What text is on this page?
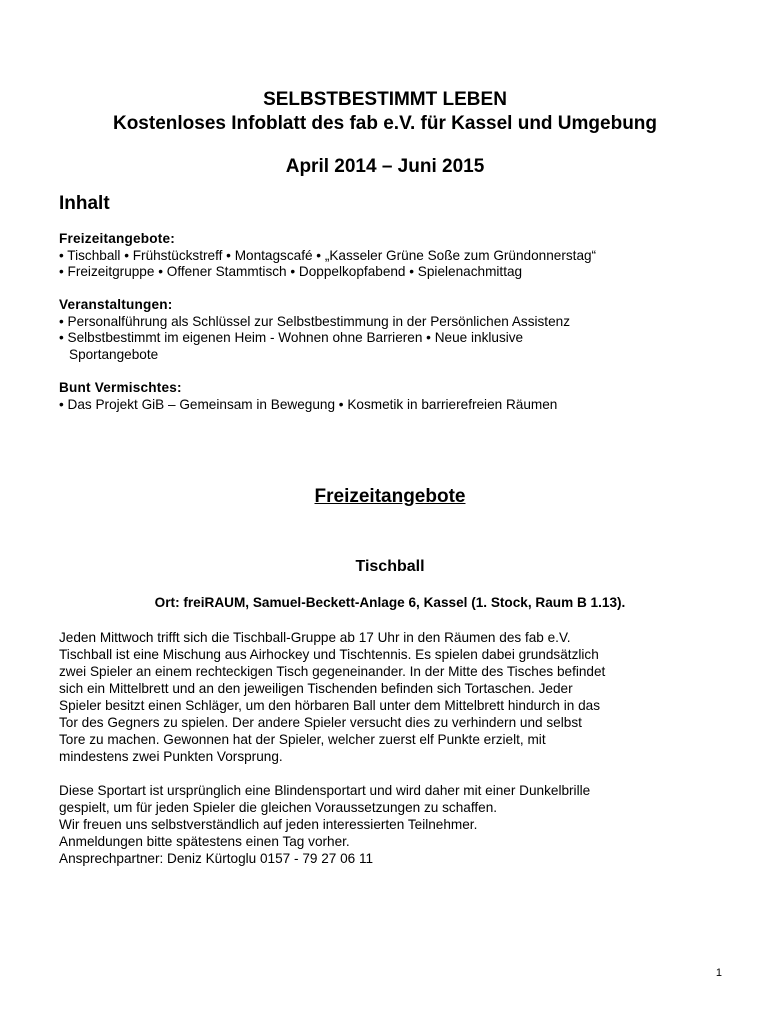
SELBSTBESTIMMT LEBEN
Kostenloses Infoblatt des fab e.V. für Kassel und Umgebung
April 2014 – Juni 2015
Inhalt
Freizeitangebote:
• Tischball • Frühstückstreff • Montagscafé • „Kasseler Grüne Soße zum Gründonnerstag“
• Freizeitgruppe • Offener Stammtisch • Doppelkopfabend • Spielenachmittag
Veranstaltungen:
• Personalführung als Schlüssel zur Selbstbestimmung in der Persönlichen Assistenz
• Selbstbestimmt im eigenen Heim - Wohnen ohne Barrieren • Neue inklusive
Sportangebote
Bunt Vermischtes:
• Das Projekt GiB – Gemeinsam in Bewegung • Kosmetik in barrierefreien Räumen
Freizeitangebote
Tischball
Ort: freiRAUM, Samuel-Beckett-Anlage 6, Kassel (1. Stock, Raum B 1.13).
Jeden Mittwoch trifft sich die Tischball-Gruppe ab 17 Uhr in den Räumen des fab e.V.
Tischball ist eine Mischung aus Airhockey und Tischtennis. Es spielen dabei grundsätzlich
zwei Spieler an einem rechteckigen Tisch gegeneinander. In der Mitte des Tisches befindet
sich ein Mittelbrett und an den jeweiligen Tischenden befinden sich Tortaschen. Jeder
Spieler besitzt einen Schläger, um den hörbaren Ball unter dem Mittelbrett hindurch in das
Tor des Gegners zu spielen. Der andere Spieler versucht dies zu verhindern und selbst
Tore zu machen. Gewonnen hat der Spieler, welcher zuerst elf Punkte erzielt, mit
mindestens zwei Punkten Vorsprung.
Diese Sportart ist ursprünglich eine Blindensportart und wird daher mit einer Dunkelbrille
gespielt, um für jeden Spieler die gleichen Voraussetzungen zu schaffen.
Wir freuen uns selbstverständlich auf jeden interessierten Teilnehmer.
Anmeldungen bitte spätestens einen Tag vorher.
Ansprechpartner: Deniz Kürtoglu 0157 - 79 27 06 11
1
